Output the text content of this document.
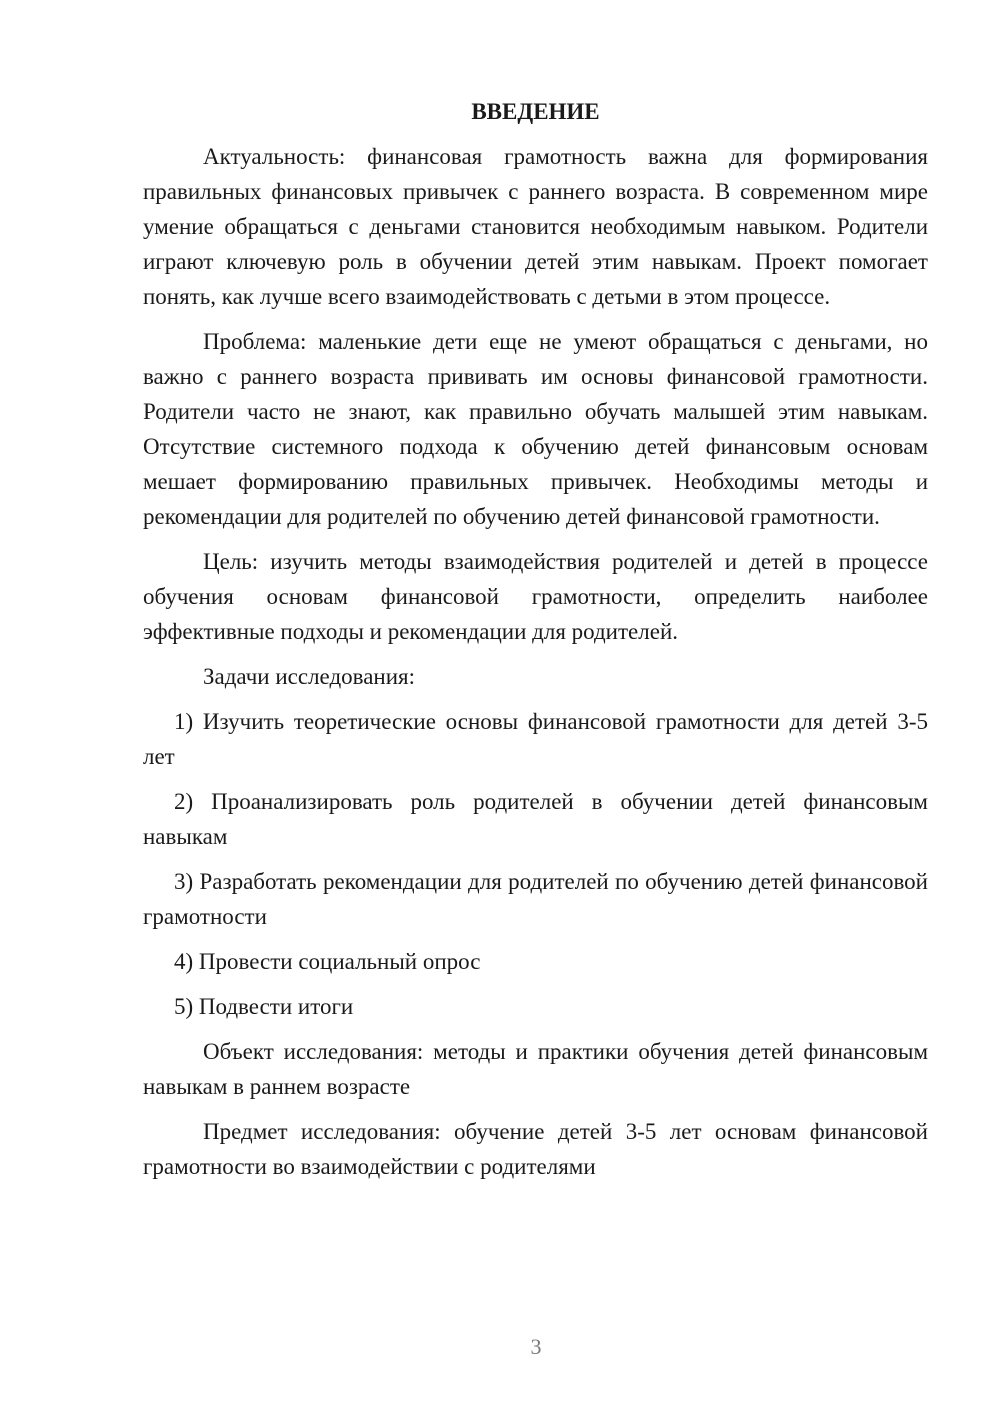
ВВЕДЕНИЕ

Актуальность: финансовая грамотность важна для формирования правильных финансовых привычек с раннего возраста. В современном мире умение обращаться с деньгами становится необходимым навыком. Родители играют ключевую роль в обучении детей этим навыкам. Проект помогает понять, как лучше всего взаимодействовать с детьми в этом процессе.

Проблема: маленькие дети еще не умеют обращаться с деньгами, но важно с раннего возраста прививать им основы финансовой грамотности. Родители часто не знают, как правильно обучать малышей этим навыкам. Отсутствие системного подхода к обучению детей финансовым основам мешает формированию правильных привычек. Необходимы методы и рекомендации для родителей по обучению детей финансовой грамотности.

Цель: изучить методы взаимодействия родителей и детей в процессе обучения основам финансовой грамотности, определить наиболее эффективные подходы и рекомендации для родителей.

Задачи исследования:

1) Изучить теоретические основы финансовой грамотности для детей 3-5 лет

2) Проанализировать роль родителей в обучении детей финансовым навыкам

3) Разработать рекомендации для родителей по обучению детей финансовой грамотности

4) Провести социальный опрос

5) Подвести итоги

Объект исследования: методы и практики обучения детей финансовым навыкам в раннем возрасте

Предмет исследования: обучение детей 3-5 лет основам финансовой грамотности во взаимодействии с родителями

3
